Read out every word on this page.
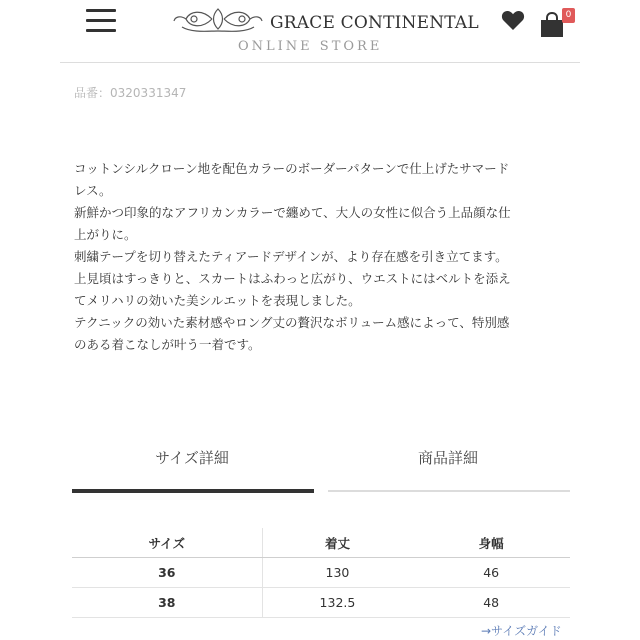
GRACE CONTINENTAL
ONLINE STORE
0
品番：0320331347

コットンシルクローン地を配色カラーのボーダーパターンで仕上げたサマード
レス。

新鮮かつ印象的なアフリカンカラーで纏めて、大人の女性に似合う上品顔な仕
上がりに。

刺繍テープを切り替えたティアードデザインが、より存在感を引き立てます。

上見頃はすっきりと、スカートはふわっと広がり、ウエストにはベルトを添え
てメリハリの効いた美シルエットを表現しました。

テクニックの効いた素材感やロング丈の贅沢なボリューム感によって、特別感
のある着こなしが叶う一着です。

サイズ詳細	商品詳細
サイズ	着丈	身幅
36	130	46
38	132.5	48
→サイズガイド
